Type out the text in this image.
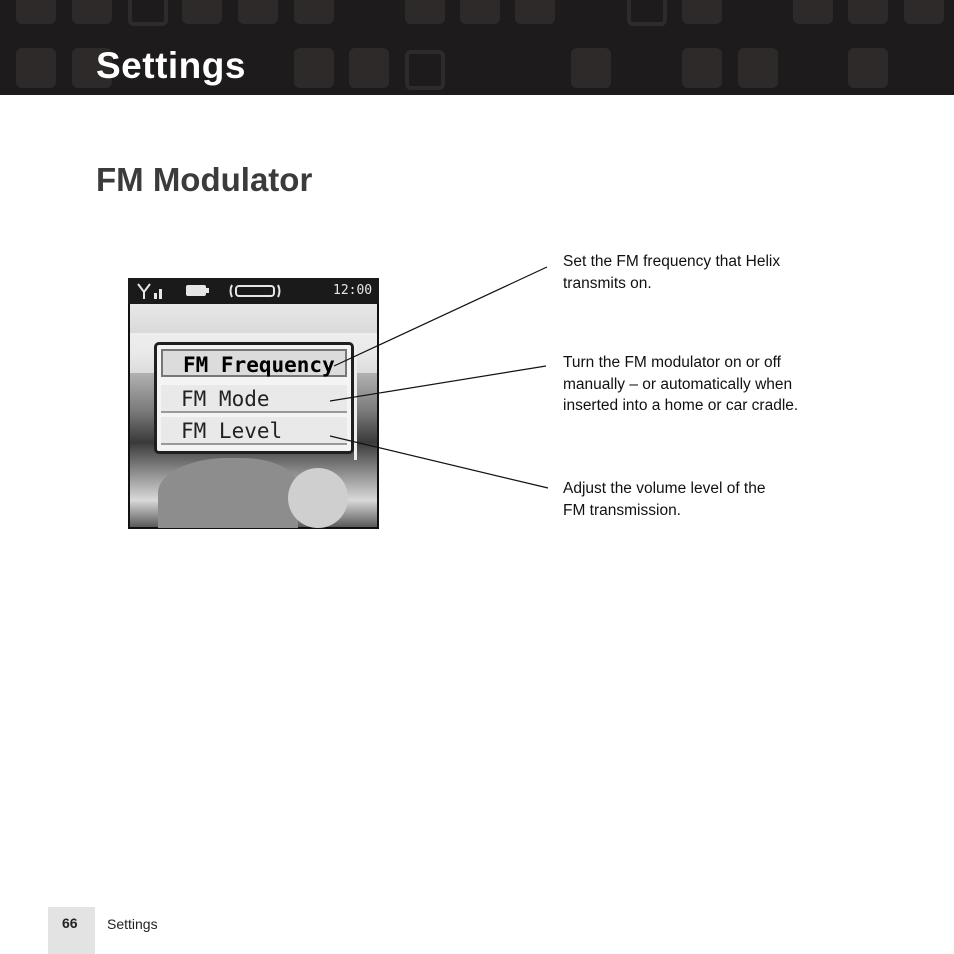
Settings
FM Modulator
12:00
FM Frequency
FM Mode
FM Level

Set the FM frequency that Helix
transmits on.

Turn the FM modulator on or off
manually – or automatically when
inserted into a home or car cradle.

Adjust the volume level of the
FM transmission.

66 Settings
